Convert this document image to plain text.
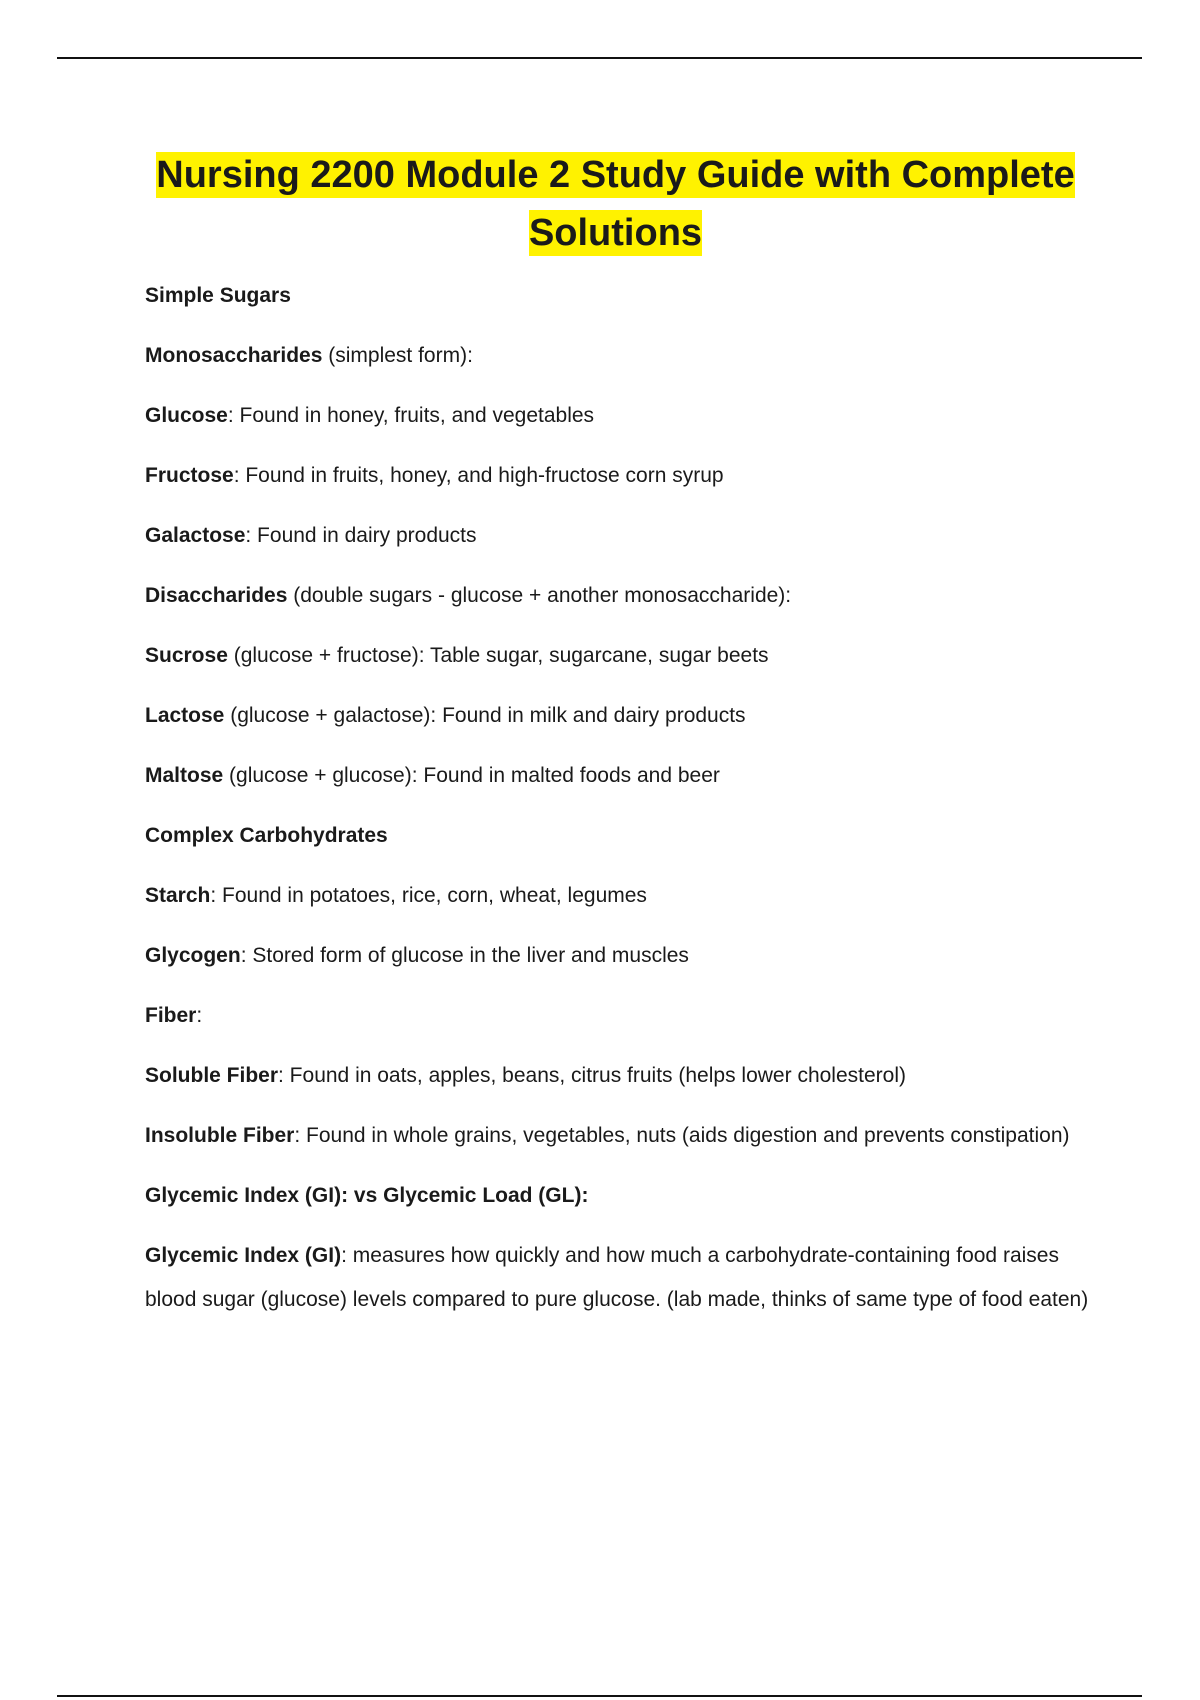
Nursing 2200 Module 2 Study Guide with Complete Solutions

Simple Sugars

Monosaccharides (simplest form):

Glucose: Found in honey, fruits, and vegetables

Fructose: Found in fruits, honey, and high-fructose corn syrup

Galactose: Found in dairy products

Disaccharides (double sugars - glucose + another monosaccharide):

Sucrose (glucose + fructose): Table sugar, sugarcane, sugar beets

Lactose (glucose + galactose): Found in milk and dairy products

Maltose (glucose + glucose): Found in malted foods and beer

Complex Carbohydrates

Starch: Found in potatoes, rice, corn, wheat, legumes

Glycogen: Stored form of glucose in the liver and muscles

Fiber:

Soluble Fiber: Found in oats, apples, beans, citrus fruits (helps lower cholesterol)

Insoluble Fiber: Found in whole grains, vegetables, nuts (aids digestion and prevents constipation)

Glycemic Index (GI): vs Glycemic Load (GL):

Glycemic Index (GI): measures how quickly and how much a carbohydrate-containing food raises blood sugar (glucose) levels compared to pure glucose. (lab made, thinks of same type of food eaten)
